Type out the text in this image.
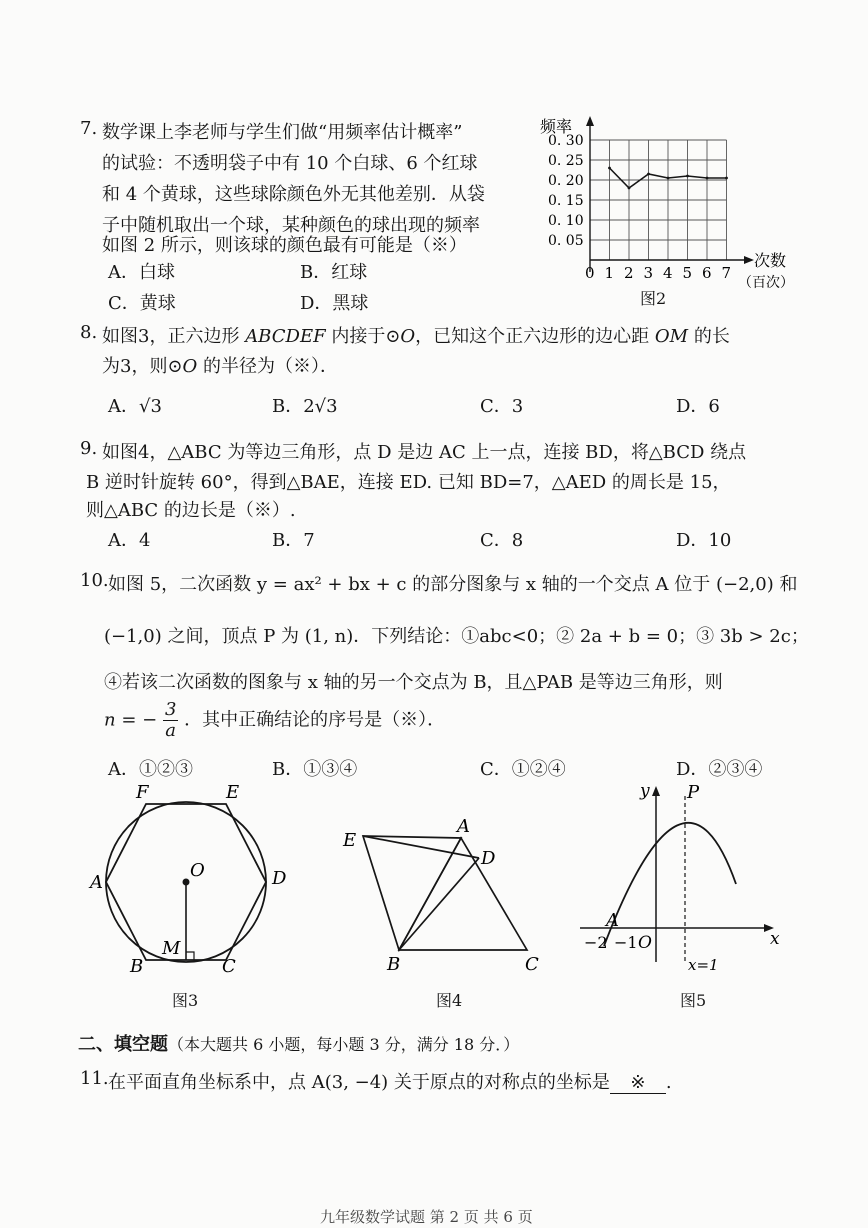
7. 数学课上李老师与学生们做“用频率估计概率”
的试验：不透明袋子中有 10 个白球、6 个红球
和 4 个黄球，这些球除颜色外无其他差别．从袋
子中随机取出一个球，某种颜色的球出现的频率
如图 2 所示，则该球的颜色最有可能是（※）
A．白球	B．红球
C．黄球	D．黑球
频率
次数
（百次）
0. 30
0. 25
0. 20
0. 15
0. 10
0. 05
0 1 2 3 4 5 6 7
图2
8. 如图3，正六边形 ABCDEF 内接于⊙O，已知这个正六边形的边心距 OM 的长
为3，则⊙O 的半径为（※）．
A．√3	B．2√3	C．3	D．6
9. 如图4，△ABC 为等边三角形，点 D 是边 AC 上一点，连接 BD，将△BCD 绕点
B 逆时针旋转 60°，得到△BAE，连接 ED. 已知 BD=7，△AED 的周长是 15，
则△ABC 的边长是（※）.
A．4	B．7	C．8	D．10
10. 如图 5，二次函数 y = ax² + bx + c 的部分图象与 x 轴的一个交点 A 位于 (−2,0) 和
(−1,0) 之间，顶点 P 为 (1, n)．下列结论：①abc<0；② 2a + b = 0；③ 3b > 2c；
④若该二次函数的图象与 x 轴的另一个交点为 B，且△PAB 是等边三角形，则
n = − $\frac{3}{a}$ ．其中正确结论的序号是（※）．
A．①②③	B．①③④	C．①②④	D．②③④
F	E
A	D
B	C
O
M
图3
E
A
D
B	C
图4
y
x
P
A
−2 −1 O
x=1
图5
二、填空题（本大题共 6 小题，每小题 3 分，满分 18 分．）
11. 在平面直角坐标系中，点 A(3, −4) 关于原点的对称点的坐标是 ※ .
九年级数学试题 第 2 页 共 6 页
